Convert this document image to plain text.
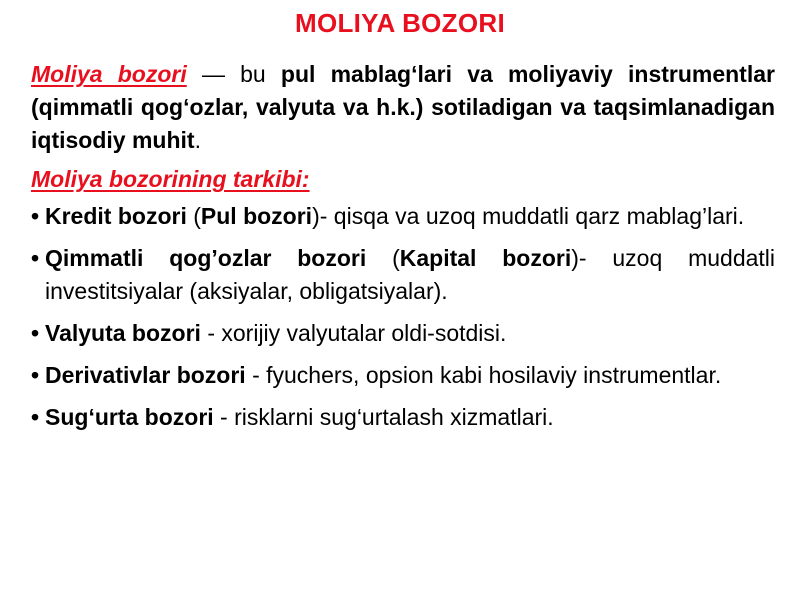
MOLIYA BOZORI

Moliya bozori — bu pul mablag‘lari va moliyaviy instrumentlar (qimmatli qog‘ozlar, valyuta va h.k.) sotiladigan va taqsimlanadigan iqtisodiy muhit.

Moliya bozorining tarkibi:

• Kredit bozori (Pul bozori)- qisqa va uzoq muddatli qarz mablag’lari.
• Qimmatli qog’ozlar bozori (Kapital bozori)- uzoq muddatli investitsiyalar (aksiyalar, obligatsiyalar).
• Valyuta bozori - xorijiy valyutalar oldi-sotdisi.
• Derivativlar bozori - fyuchers, opsion kabi hosilaviy instrumentlar.
• Sug‘urta bozori - risklarni sug‘urtalash xizmatlari.
